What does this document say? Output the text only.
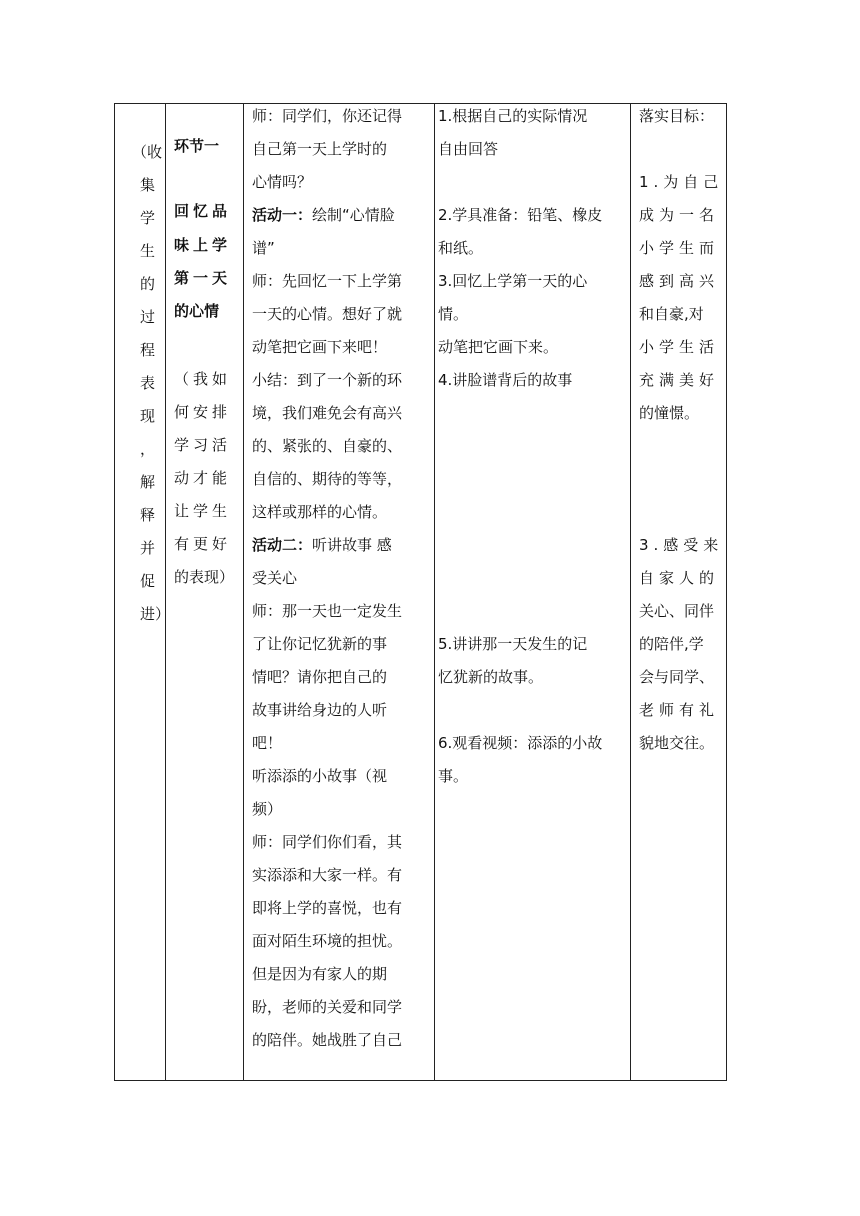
（收
集
学
生
的
过
程
表
现
，
解
释
并
促
进）
环节一
回忆品
味上学
第一天
的心情
（我如
何安排
学习活
动才能
让学生
有更好
的表现）
师：同学们，你还记得
自己第一天上学时的
心情吗？
活动一：绘制“心情脸
谱”
师：先回忆一下上学第
一天的心情。想好了就
动笔把它画下来吧！
小结：到了一个新的环
境，我们难免会有高兴
的、紧张的、自豪的、
自信的、期待的等等，
这样或那样的心情。
活动二：听讲故事 感
受关心
师：那一天也一定发生
了让你记忆犹新的事
情吧？请你把自己的
故事讲给身边的人听
吧！
听添添的小故事（视
频）
师：同学们你们看，其
实添添和大家一样。有
即将上学的喜悦，也有
面对陌生环境的担忧。
但是因为有家人的期
盼，老师的关爱和同学
的陪伴。她战胜了自己
1.根据自己的实际情况
自由回答
2.学具准备：铅笔、橡皮
和纸。
3.回忆上学第一天的心
情。
动笔把它画下来。
4.讲脸谱背后的故事
5.讲讲那一天发生的记
忆犹新的故事。
6.观看视频：添添的小故
事。
落实目标：
1.为自己
成为一名
小学生而
感到高兴
和自豪,对
小学生活
充满美好
的憧憬。
3.感受来
自家人的
关心、同伴
的陪伴,学
会与同学、
老师有礼
貌地交往。
